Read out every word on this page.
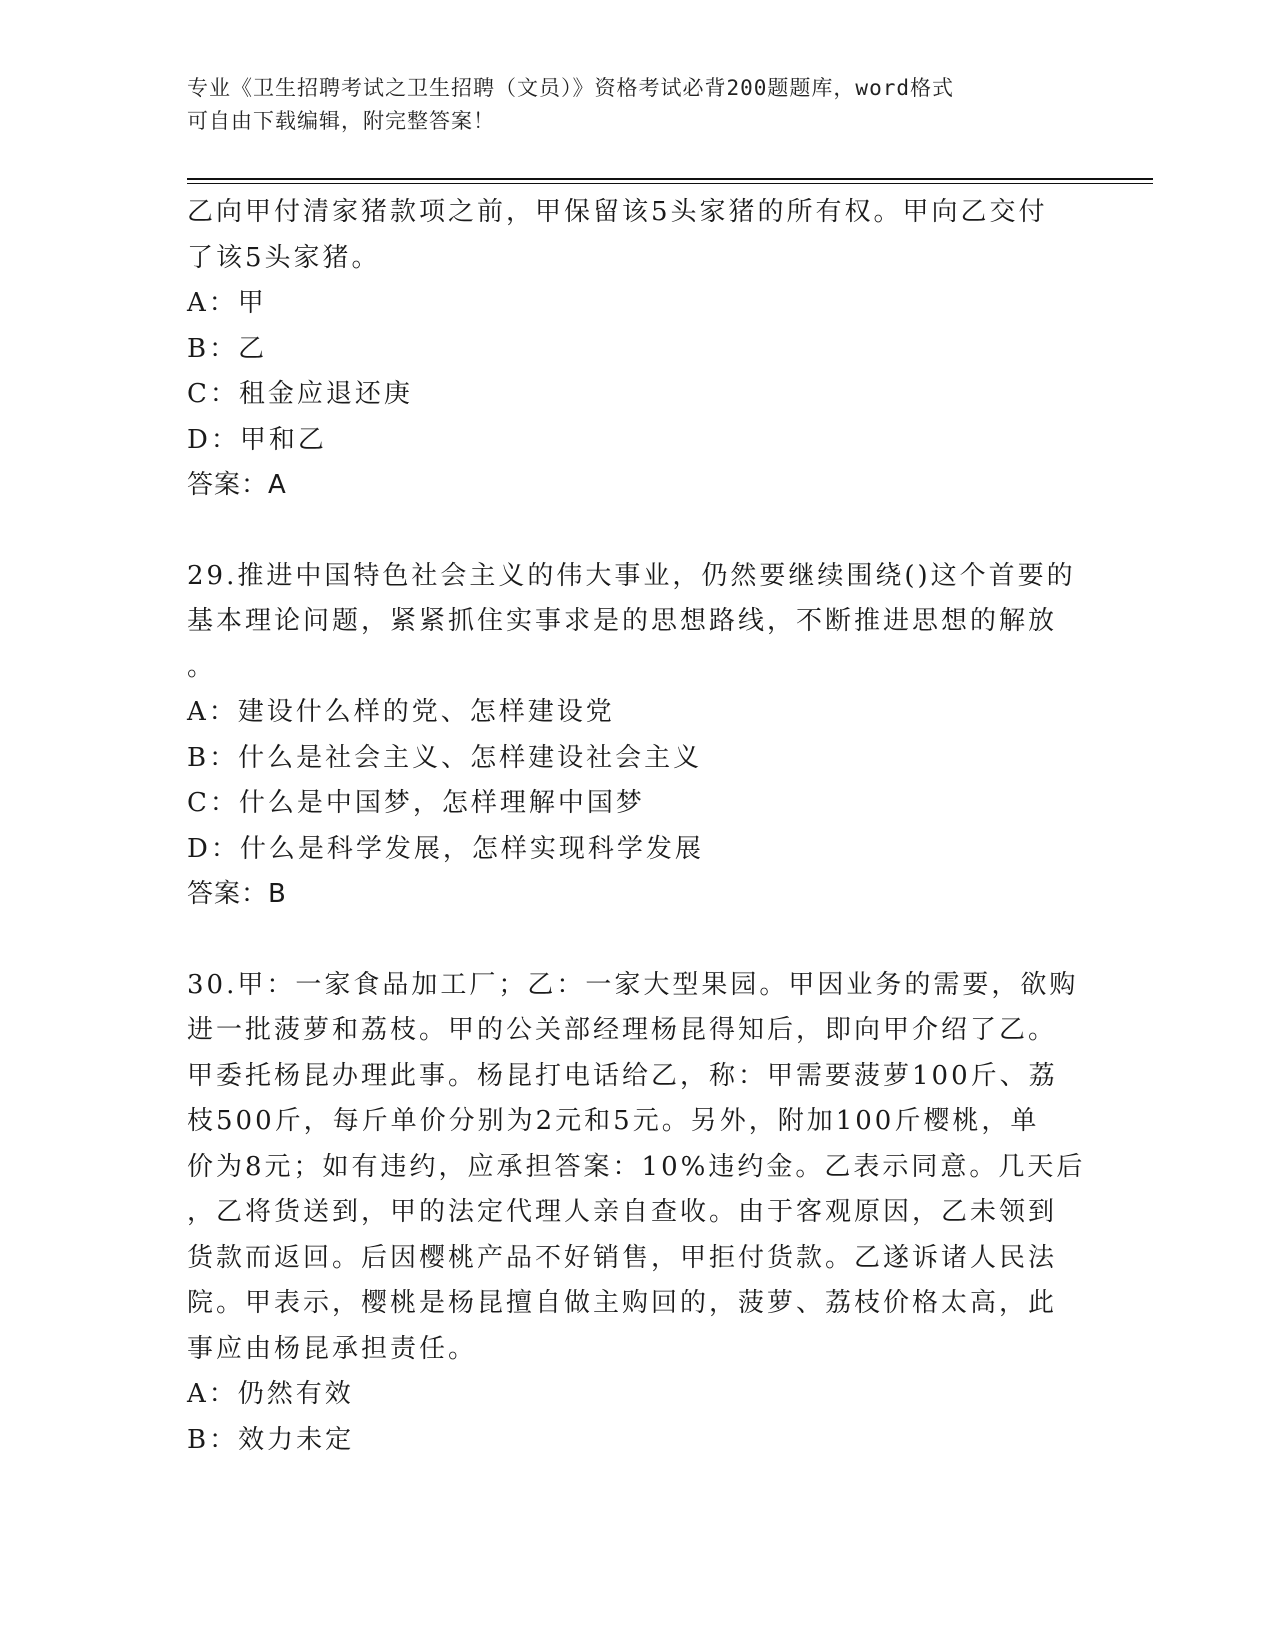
专业《卫生招聘考试之卫生招聘（文员）》资格考试必背200题题库，word格式
可自由下载编辑，附完整答案！
乙向甲付清家猪款项之前，甲保留该5头家猪的所有权。甲向乙交付
了该5头家猪。
A：甲
B：乙
C：租金应退还庚
D：甲和乙
答案：A
29.推进中国特色社会主义的伟大事业，仍然要继续围绕()这个首要的
基本理论问题，紧紧抓住实事求是的思想路线，不断推进思想的解放
。
A：建设什么样的党、怎样建设党
B：什么是社会主义、怎样建设社会主义
C：什么是中国梦，怎样理解中国梦
D：什么是科学发展，怎样实现科学发展
答案：B
30.甲：一家食品加工厂；乙：一家大型果园。甲因业务的需要，欲购
进一批菠萝和荔枝。甲的公关部经理杨昆得知后，即向甲介绍了乙。
甲委托杨昆办理此事。杨昆打电话给乙，称：甲需要菠萝100斤、荔
枝500斤，每斤单价分别为2元和5元。另外，附加100斤樱桃，单
价为8元；如有违约，应承担答案：10%违约金。乙表示同意。几天后
，乙将货送到，甲的法定代理人亲自查收。由于客观原因，乙未领到
货款而返回。后因樱桃产品不好销售，甲拒付货款。乙遂诉诸人民法
院。甲表示，樱桃是杨昆擅自做主购回的，菠萝、荔枝价格太高，此
事应由杨昆承担责任。
A：仍然有效
B：效力未定
